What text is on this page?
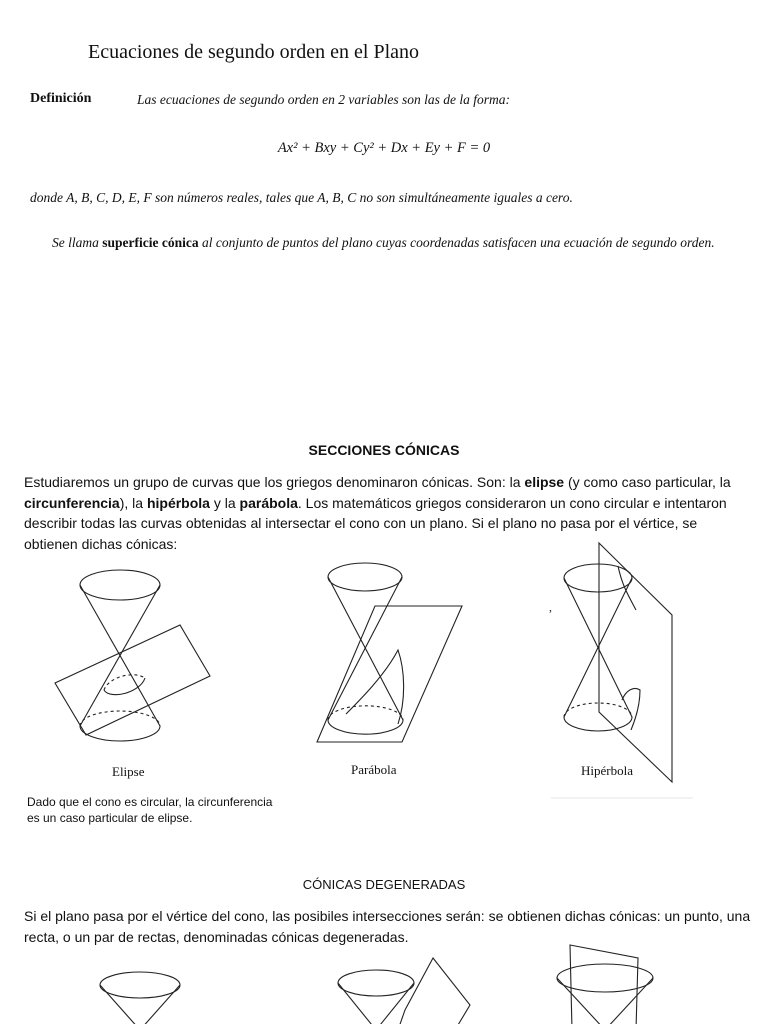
Ecuaciones de segundo orden en el Plano
Definición	Las ecuaciones de segundo orden en 2 variables son las de la forma:
Ax² + Bxy + Cy² + Dx + Ey + F = 0
donde A, B, C, D, E, F son números reales, tales que A, B, C no son simultáneamente iguales a cero.
Se llama superficie cónica al conjunto de puntos del plano cuyas coordenadas satisfacen una ecuación de segundo orden.
SECCIONES CÓNICAS
Estudiaremos un grupo de curvas que los griegos denominaron cónicas. Son: la elipse (y como caso particular, la circunferencia), la hipérbola y la parábola. Los matemáticos griegos consideraron un cono circular e intentaron describir todas las curvas obtenidas al intersectar el cono con un plano. Si el plano no pasa por el vértice, se obtienen dichas cónicas:
,
Elipse	Parábola	Hipérbola
Dado que el cono es circular, la circunferencia
es un caso particular de elipse.
CÓNICAS DEGENERADAS
Si el plano pasa por el vértice del cono, las posibiles intersecciones serán: se obtienen dichas cónicas: un punto, una recta, o un par de rectas, denominadas cónicas degeneradas.
